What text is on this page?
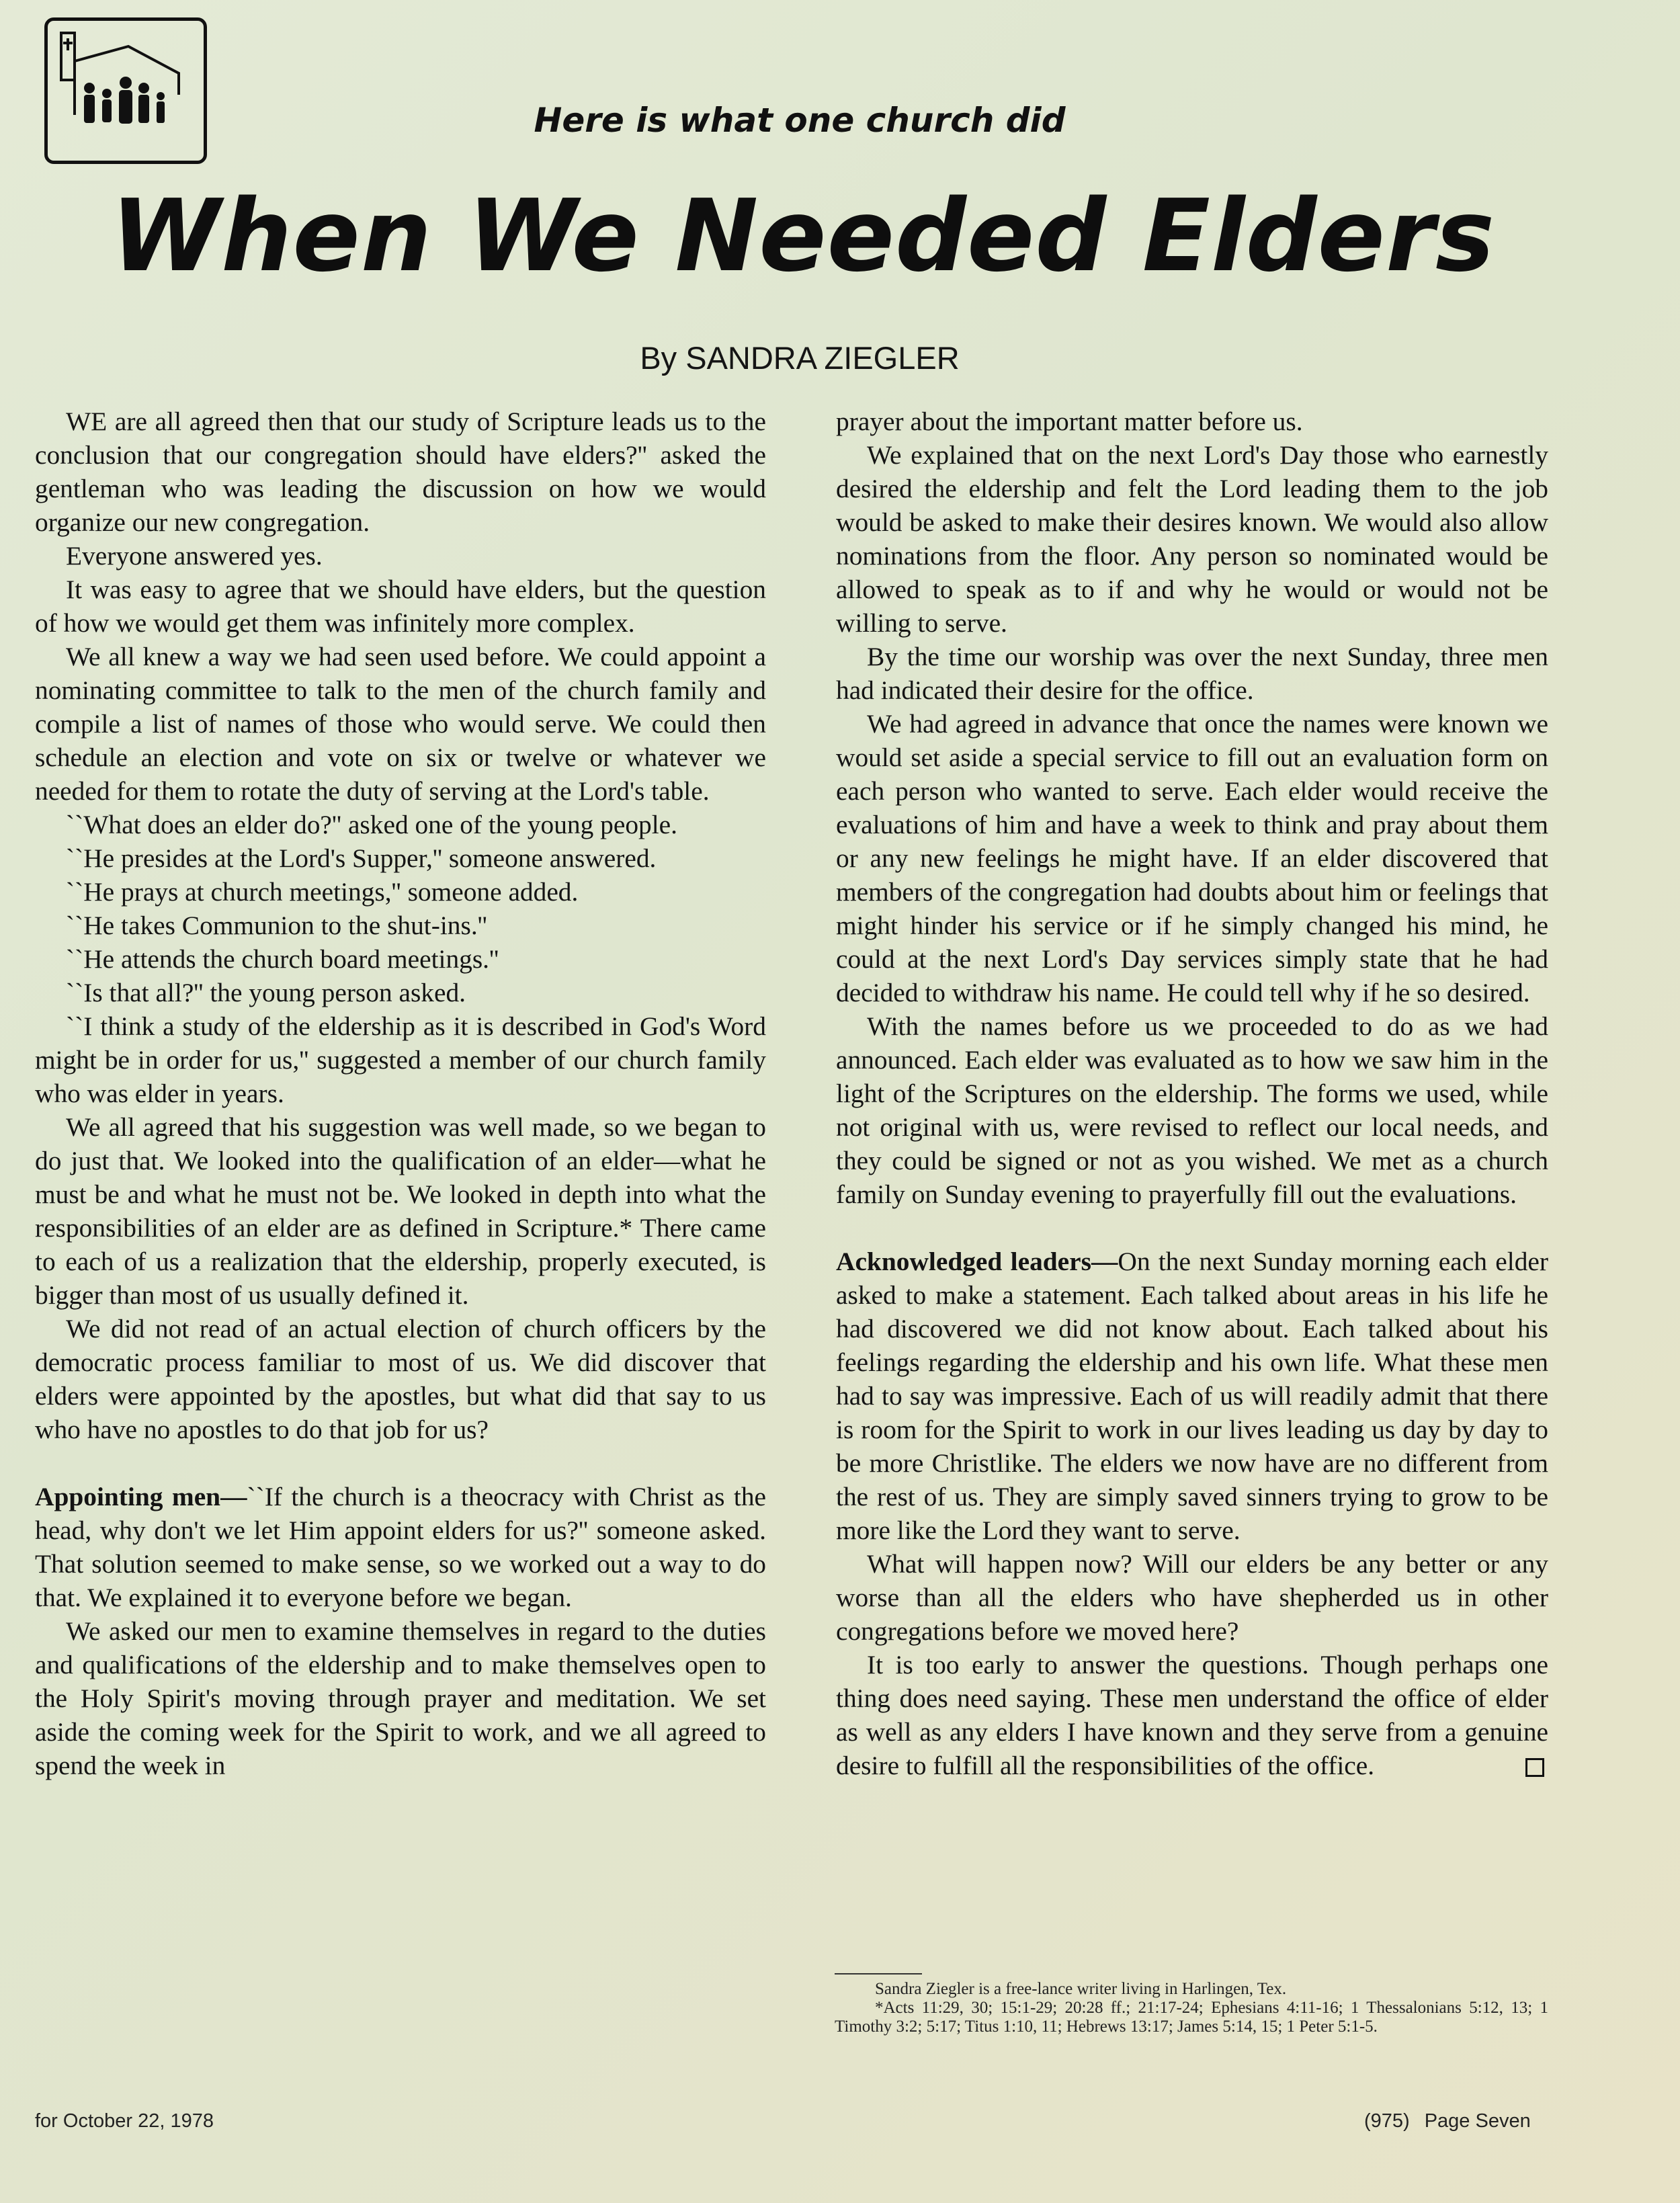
Here is what one church did
When We Needed Elders
By SANDRA ZIEGLER

WE are all agreed then that our study of Scripture leads us to the conclusion that our congregation should have elders?'' asked the gentleman who was leading the discussion on how we would organize our new congregation.

Everyone answered yes.

It was easy to agree that we should have elders, but the question of how we would get them was infinitely more complex.

We all knew a way we had seen used before. We could appoint a nominating committee to talk to the men of the church family and compile a list of names of those who would serve. We could then schedule an election and vote on six or twelve or whatever we needed for them to rotate the duty of serving at the Lord's table.

``What does an elder do?'' asked one of the young people.

``He presides at the Lord's Supper,'' someone answered.

``He prays at church meetings,'' someone added.

``He takes Communion to the shut-ins.''

``He attends the church board meetings.''

``Is that all?'' the young person asked.

``I think a study of the eldership as it is described in God's Word might be in order for us,'' suggested a member of our church family who was elder in years.

We all agreed that his suggestion was well made, so we began to do just that. We looked into the qualification of an elder—what he must be and what he must not be. We looked in depth into what the responsibilities of an elder are as defined in Scripture.* There came to each of us a realization that the eldership, properly executed, is bigger than most of us usually defined it.

We did not read of an actual election of church officers by the democratic process familiar to most of us. We did discover that elders were appointed by the apostles, but what did that say to us who have no apostles to do that job for us?

Appointing men—``If the church is a theocracy with Christ as the head, why don't we let Him appoint elders for us?'' someone asked. That solution seemed to make sense, so we worked out a way to do that. We explained it to everyone before we began.

We asked our men to examine themselves in regard to the duties and qualifications of the eldership and to make themselves open to the Holy Spirit's moving through prayer and meditation. We set aside the coming week for the Spirit to work, and we all agreed to spend the week in

prayer about the important matter before us.

We explained that on the next Lord's Day those who earnestly desired the eldership and felt the Lord leading them to the job would be asked to make their desires known. We would also allow nominations from the floor. Any person so nominated would be allowed to speak as to if and why he would or would not be willing to serve.

By the time our worship was over the next Sunday, three men had indicated their desire for the office.

We had agreed in advance that once the names were known we would set aside a special service to fill out an evaluation form on each person who wanted to serve. Each elder would receive the evaluations of him and have a week to think and pray about them or any new feelings he might have. If an elder discovered that members of the congregation had doubts about him or feelings that might hinder his service or if he simply changed his mind, he could at the next Lord's Day services simply state that he had decided to withdraw his name. He could tell why if he so desired.

With the names before us we proceeded to do as we had announced. Each elder was evaluated as to how we saw him in the light of the Scriptures on the eldership. The forms we used, while not original with us, were revised to reflect our local needs, and they could be signed or not as you wished. We met as a church family on Sunday evening to prayerfully fill out the evaluations.

Acknowledged leaders—On the next Sunday morning each elder asked to make a statement. Each talked about areas in his life he had discovered we did not know about. Each talked about his feelings regarding the eldership and his own life. What these men had to say was impressive. Each of us will readily admit that there is room for the Spirit to work in our lives leading us day by day to be more Christlike. The elders we now have are no different from the rest of us. They are simply saved sinners trying to grow to be more like the Lord they want to serve.

What will happen now? Will our elders be any better or any worse than all the elders who have shepherded us in other congregations before we moved here?

It is too early to answer the questions. Though perhaps one thing does need saying. These men understand the office of elder as well as any elders I have known and they serve from a genuine desire to fulfill all the responsibilities of the office.

Sandra Ziegler is a free-lance writer living in Harlingen, Tex.

*Acts 11:29, 30; 15:1-29; 20:28 ff.; 21:17-24; Ephesians 4:11-16; 1 Thessalonians 5:12, 13; 1 Timothy 3:2; 5:17; Titus 1:10, 11; Hebrews 13:17; James 5:14, 15; 1 Peter 5:1-5.

for October 22, 1978	(975) Page Seven
